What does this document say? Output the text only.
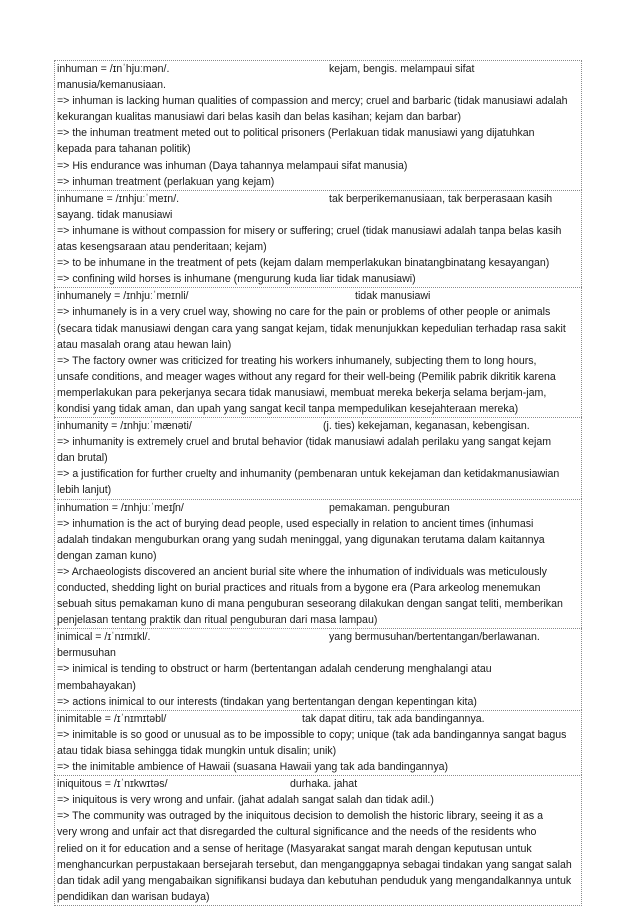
inhuman = /ɪnˈhjuːmən/.	kejam, bengis. melampaui sifat
manusia/kemanusiaan.
=> inhuman is lacking human qualities of compassion and mercy; cruel and barbaric (tidak manusiawi adalah
kekurangan kualitas manusiawi dari belas kasih dan belas kasihan; kejam dan barbar)
=> the inhuman treatment meted out to political prisoners (Perlakuan tidak manusiawi yang dijatuhkan
kepada para tahanan politik)
=> His endurance was inhuman (Daya tahannya melampaui sifat manusia)
=> inhuman treatment (perlakuan yang kejam)
inhumane = /ɪnhjuːˈmeɪn/.	tak berperikemanusiaan, tak berperasaan kasih
sayang. tidak manusiawi
=> inhumane is without compassion for misery or suffering; cruel (tidak manusiawi adalah tanpa belas kasih
atas kesengsaraan atau penderitaan; kejam)
=> to be inhumane in the treatment of pets (kejam dalam memperlakukan binatangbinatang kesayangan)
=> confining wild horses is inhumane (mengurung kuda liar tidak manusiawi)
inhumanely = /ɪnhjuːˈmeɪnli/	tidak manusiawi
=> inhumanely is in a very cruel way, showing no care for the pain or problems of other people or animals
(secara tidak manusiawi dengan cara yang sangat kejam, tidak menunjukkan kepedulian terhadap rasa sakit
atau masalah orang atau hewan lain)
=> The factory owner was criticized for treating his workers inhumanely, subjecting them to long hours,
unsafe conditions, and meager wages without any regard for their well-being (Pemilik pabrik dikritik karena
memperlakukan para pekerjanya secara tidak manusiawi, membuat mereka bekerja selama berjam-jam,
kondisi yang tidak aman, dan upah yang sangat kecil tanpa mempedulikan kesejahteraan mereka)
inhumanity = /ɪnhjuːˈmænəti/	(j. ties) kekejaman, keganasan, kebengisan.
=> inhumanity is extremely cruel and brutal behavior (tidak manusiawi adalah perilaku yang sangat kejam
dan brutal)
=> a justification for further cruelty and inhumanity (pembenaran untuk kekejaman dan ketidakmanusiawian
lebih lanjut)
inhumation = /ɪnhjuːˈmeɪʃn/	pemakaman. penguburan
=> inhumation is the act of burying dead people, used especially in relation to ancient times (inhumasi
adalah tindakan menguburkan orang yang sudah meninggal, yang digunakan terutama dalam kaitannya
dengan zaman kuno)
=> Archaeologists discovered an ancient burial site where the inhumation of individuals was meticulously
conducted, shedding light on burial practices and rituals from a bygone era (Para arkeolog menemukan
sebuah situs pemakaman kuno di mana penguburan seseorang dilakukan dengan sangat teliti, memberikan
penjelasan tentang praktik dan ritual penguburan dari masa lampau)
inimical = /ɪˈnɪmɪkl/.	yang bermusuhan/bertentangan/berlawanan.
bermusuhan
=> inimical is tending to obstruct or harm (bertentangan adalah cenderung menghalangi atau
membahayakan)
=> actions inimical to our interests (tindakan yang bertentangan dengan kepentingan kita)
inimitable = /ɪˈnɪmɪtəbl/	tak dapat ditiru, tak ada bandingannya.
=> inimitable is so good or unusual as to be impossible to copy; unique (tak ada bandingannya sangat bagus
atau tidak biasa sehingga tidak mungkin untuk disalin; unik)
=> the inimitable ambience of Hawaii (suasana Hawaii yang tak ada bandingannya)
iniquitous = /ɪˈnɪkwɪtəs/	durhaka. jahat
=> iniquitous is very wrong and unfair. (jahat adalah sangat salah dan tidak adil.)
=> The community was outraged by the iniquitous decision to demolish the historic library, seeing it as a
very wrong and unfair act that disregarded the cultural significance and the needs of the residents who
relied on it for education and a sense of heritage (Masyarakat sangat marah dengan keputusan untuk
menghancurkan perpustakaan bersejarah tersebut, dan menganggapnya sebagai tindakan yang sangat salah
dan tidak adil yang mengabaikan signifikansi budaya dan kebutuhan penduduk yang mengandalkannya untuk
pendidikan dan warisan budaya)
